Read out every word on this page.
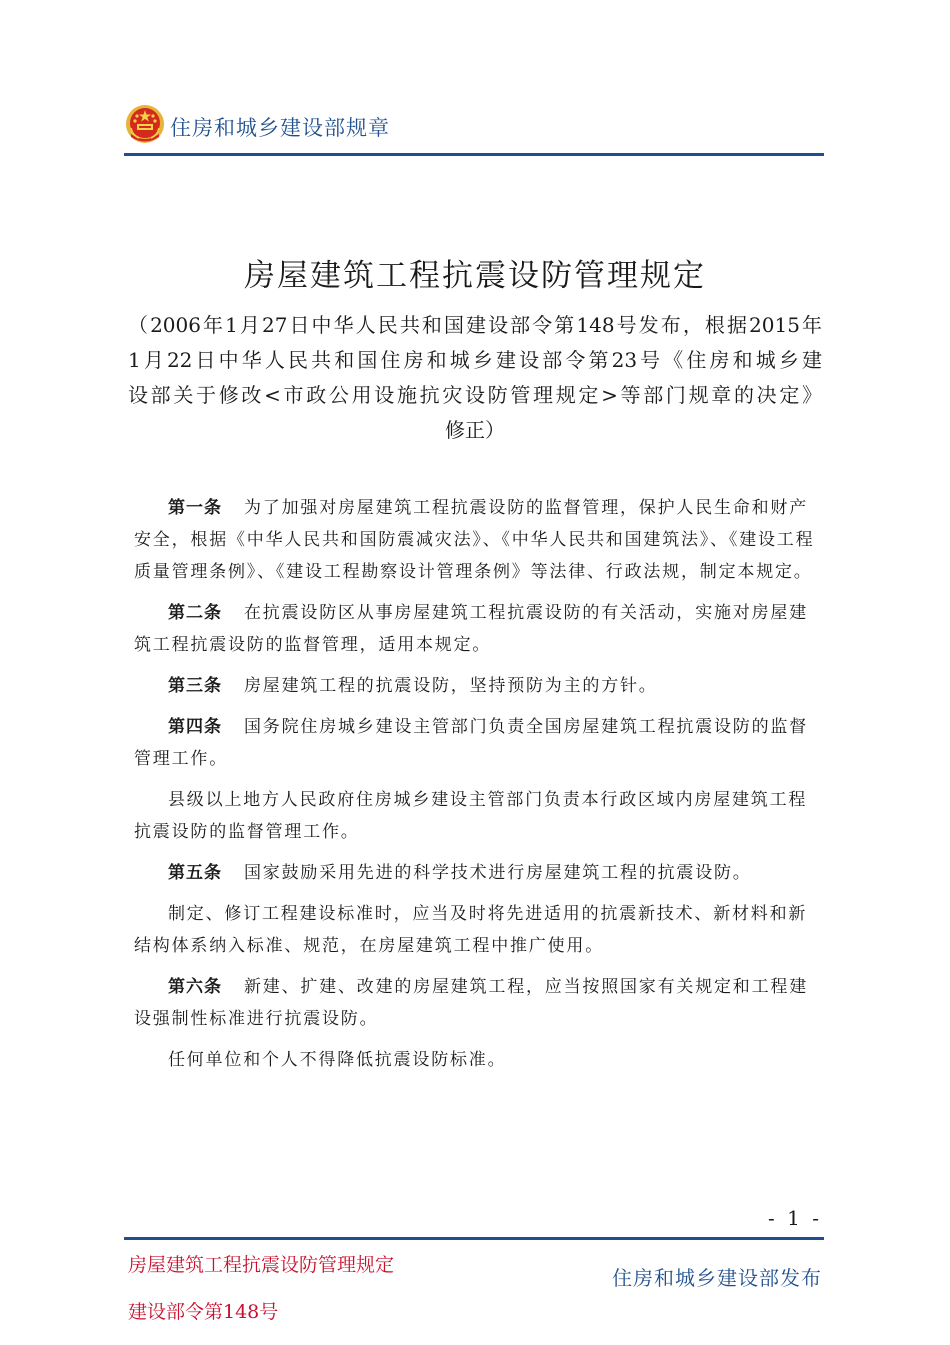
住房和城乡建设部规章
房屋建筑工程抗震设防管理规定
（2006年1月27日中华人民共和国建设部令第148号发布，根据2015年
1月22日中华人民共和国住房和城乡建设部令第23号《住房和城乡建
设部关于修改<市政公用设施抗灾设防管理规定>等部门规章的决定》
修正）

第一条 为了加强对房屋建筑工程抗震设防的监督管理，保护人民生命和财产安全，根据《中华人民共和国防震减灾法》、《中华人民共和国建筑法》、《建设工程质量管理条例》、《建设工程勘察设计管理条例》等法律、行政法规，制定本规定。

第二条 在抗震设防区从事房屋建筑工程抗震设防的有关活动，实施对房屋建筑工程抗震设防的监督管理，适用本规定。

第三条 房屋建筑工程的抗震设防，坚持预防为主的方针。

第四条 国务院住房城乡建设主管部门负责全国房屋建筑工程抗震设防的监督管理工作。

县级以上地方人民政府住房城乡建设主管部门负责本行政区域内房屋建筑工程抗震设防的监督管理工作。

第五条 国家鼓励采用先进的科学技术进行房屋建筑工程的抗震设防。

制定、修订工程建设标准时，应当及时将先进适用的抗震新技术、新材料和新结构体系纳入标准、规范，在房屋建筑工程中推广使用。

第六条 新建、扩建、改建的房屋建筑工程，应当按照国家有关规定和工程建设强制性标准进行抗震设防。

任何单位和个人不得降低抗震设防标准。

- 1 -
房屋建筑工程抗震设防管理规定
建设部令第148号
住房和城乡建设部发布
